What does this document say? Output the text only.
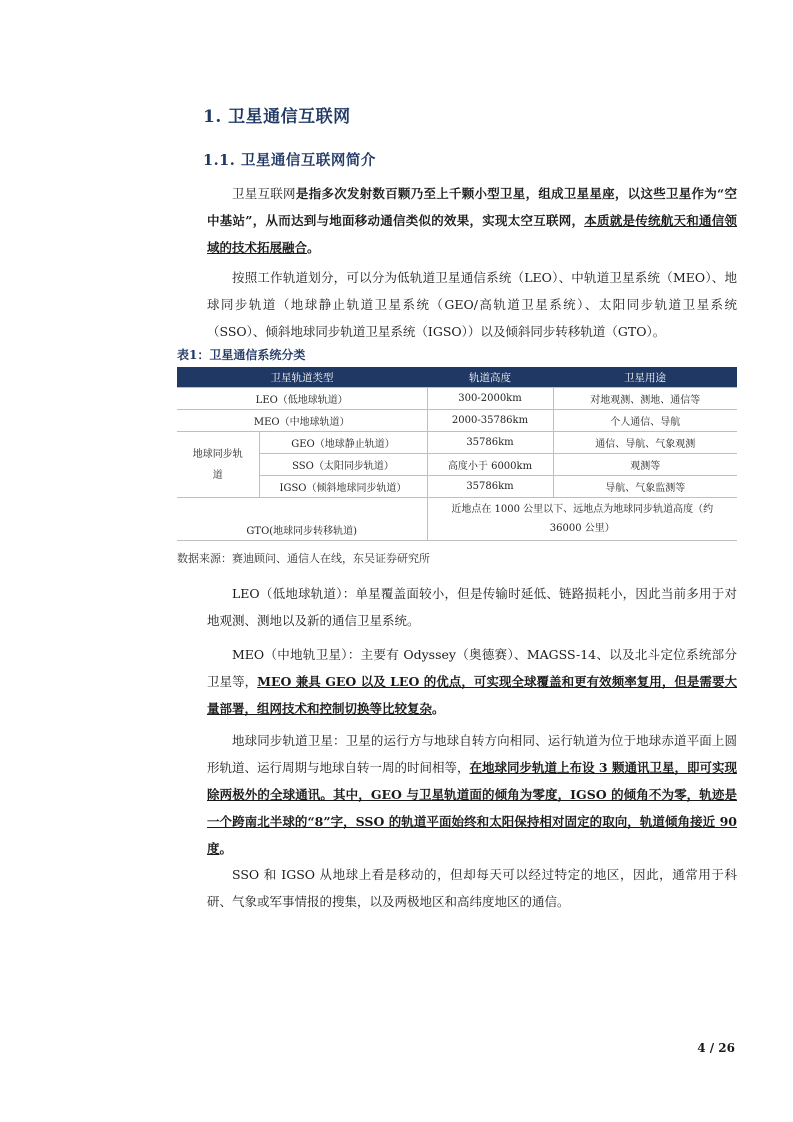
1. 卫星通信互联网
1.1. 卫星通信互联网简介

卫星互联网是指多次发射数百颗乃至上千颗小型卫星，组成卫星星座，以这些卫星作为“空中基站”，从而达到与地面移动通信类似的效果，实现太空互联网，本质就是传统航天和通信领域的技术拓展融合。

按照工作轨道划分，可以分为低轨道卫星通信系统（LEO）、中轨道卫星系统（MEO）、地球同步轨道（地球静止轨道卫星系统（GEO/高轨道卫星系统）、太阳同步轨道卫星系统（SSO）、倾斜地球同步轨道卫星系统（IGSO））以及倾斜同步转移轨道（GTO）。

表1：卫星通信系统分类
卫星轨道类型		轨道高度	卫星用途
LEO（低地球轨道）		300-2000km	对地观测、测地、通信等
MEO（中地球轨道）		2000-35786km	个人通信、导航
地球同步轨
道	GEO（地球静止轨道）	35786km	通信、导航、气象观测
	SSO（太阳同步轨道）	高度小于 6000km	观测等
	IGSO（倾斜地球同步轨道）	35786km	导航、气象监测等
GTO(地球同步转移轨道)		近地点在 1000 公里以下、远地点为地球同步轨道高度（约 36000 公里）	
数据来源：赛迪顾问、通信人在线，东吴证券研究所

LEO（低地球轨道）：单星覆盖面较小，但是传输时延低、链路损耗小，因此当前多用于对地观测、测地以及新的通信卫星系统。

MEO（中地轨卫星）：主要有 Odyssey（奥德赛）、MAGSS-14、以及北斗定位系统部分卫星等，MEO 兼具 GEO 以及 LEO 的优点，可实现全球覆盖和更有效频率复用，但是需要大量部署，组网技术和控制切换等比较复杂。

地球同步轨道卫星：卫星的运行方与地球自转方向相同、运行轨道为位于地球赤道平面上圆形轨道、运行周期与地球自转一周的时间相等，在地球同步轨道上布设 3 颗通讯卫星，即可实现除两极外的全球通讯。其中，GEO 与卫星轨道面的倾角为零度，IGSO 的倾角不为零，轨迹是一个跨南北半球的“8”字，SSO 的轨道平面始终和太阳保持相对固定的取向，轨道倾角接近 90 度。

SSO 和 IGSO 从地球上看是移动的，但却每天可以经过特定的地区，因此，通常用于科研、气象或军事情报的搜集，以及两极地区和高纬度地区的通信。

4 / 26
